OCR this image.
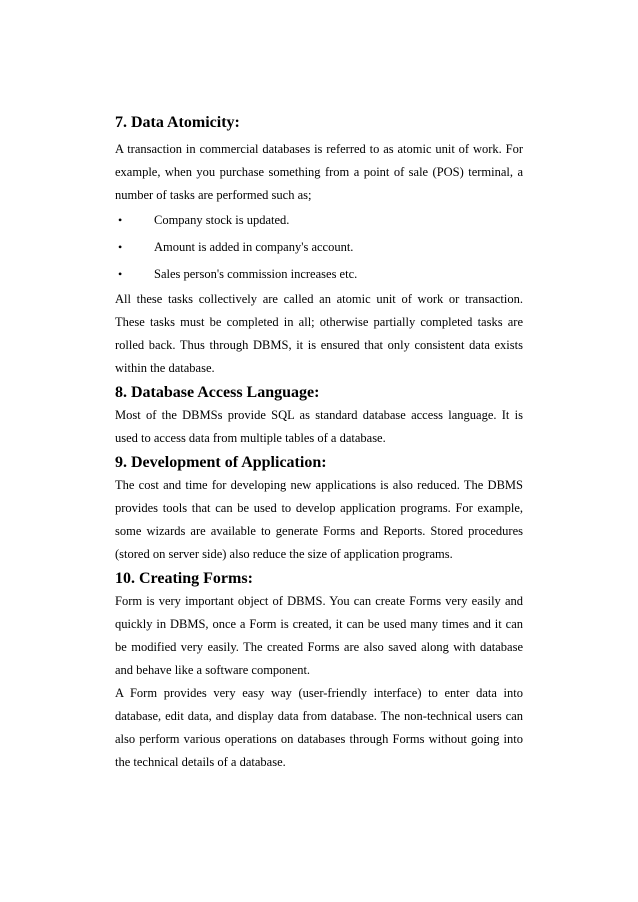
7. Data Atomicity:

A transaction in commercial databases is referred to as atomic unit of work. For example, when you purchase something from a point of sale (POS) terminal, a number of tasks are performed such as;

•	Company stock is updated.
•	Amount is added in company's account.
•	Sales person's commission increases etc.

All these tasks collectively are called an atomic unit of work or transaction. These tasks must be completed in all; otherwise partially completed tasks are rolled back. Thus through DBMS, it is ensured that only consistent data exists within the database.

8. Database Access Language:

Most of the DBMSs provide SQL as standard database access language. It is used to access data from multiple tables of a database.

9. Development of Application:

The cost and time for developing new applications is also reduced. The DBMS provides tools that can be used to develop application programs. For example, some wizards are available to generate Forms and Reports. Stored procedures (stored on server side) also reduce the size of application programs.

10. Creating Forms:

Form is very important object of DBMS. You can create Forms very easily and quickly in DBMS, once a Form is created, it can be used many times and it can be modified very easily. The created Forms are also saved along with database and behave like a software component.

A Form provides very easy way (user-friendly interface) to enter data into database, edit data, and display data from database. The non-technical users can also perform various operations on databases through Forms without going into the technical details of a database.
